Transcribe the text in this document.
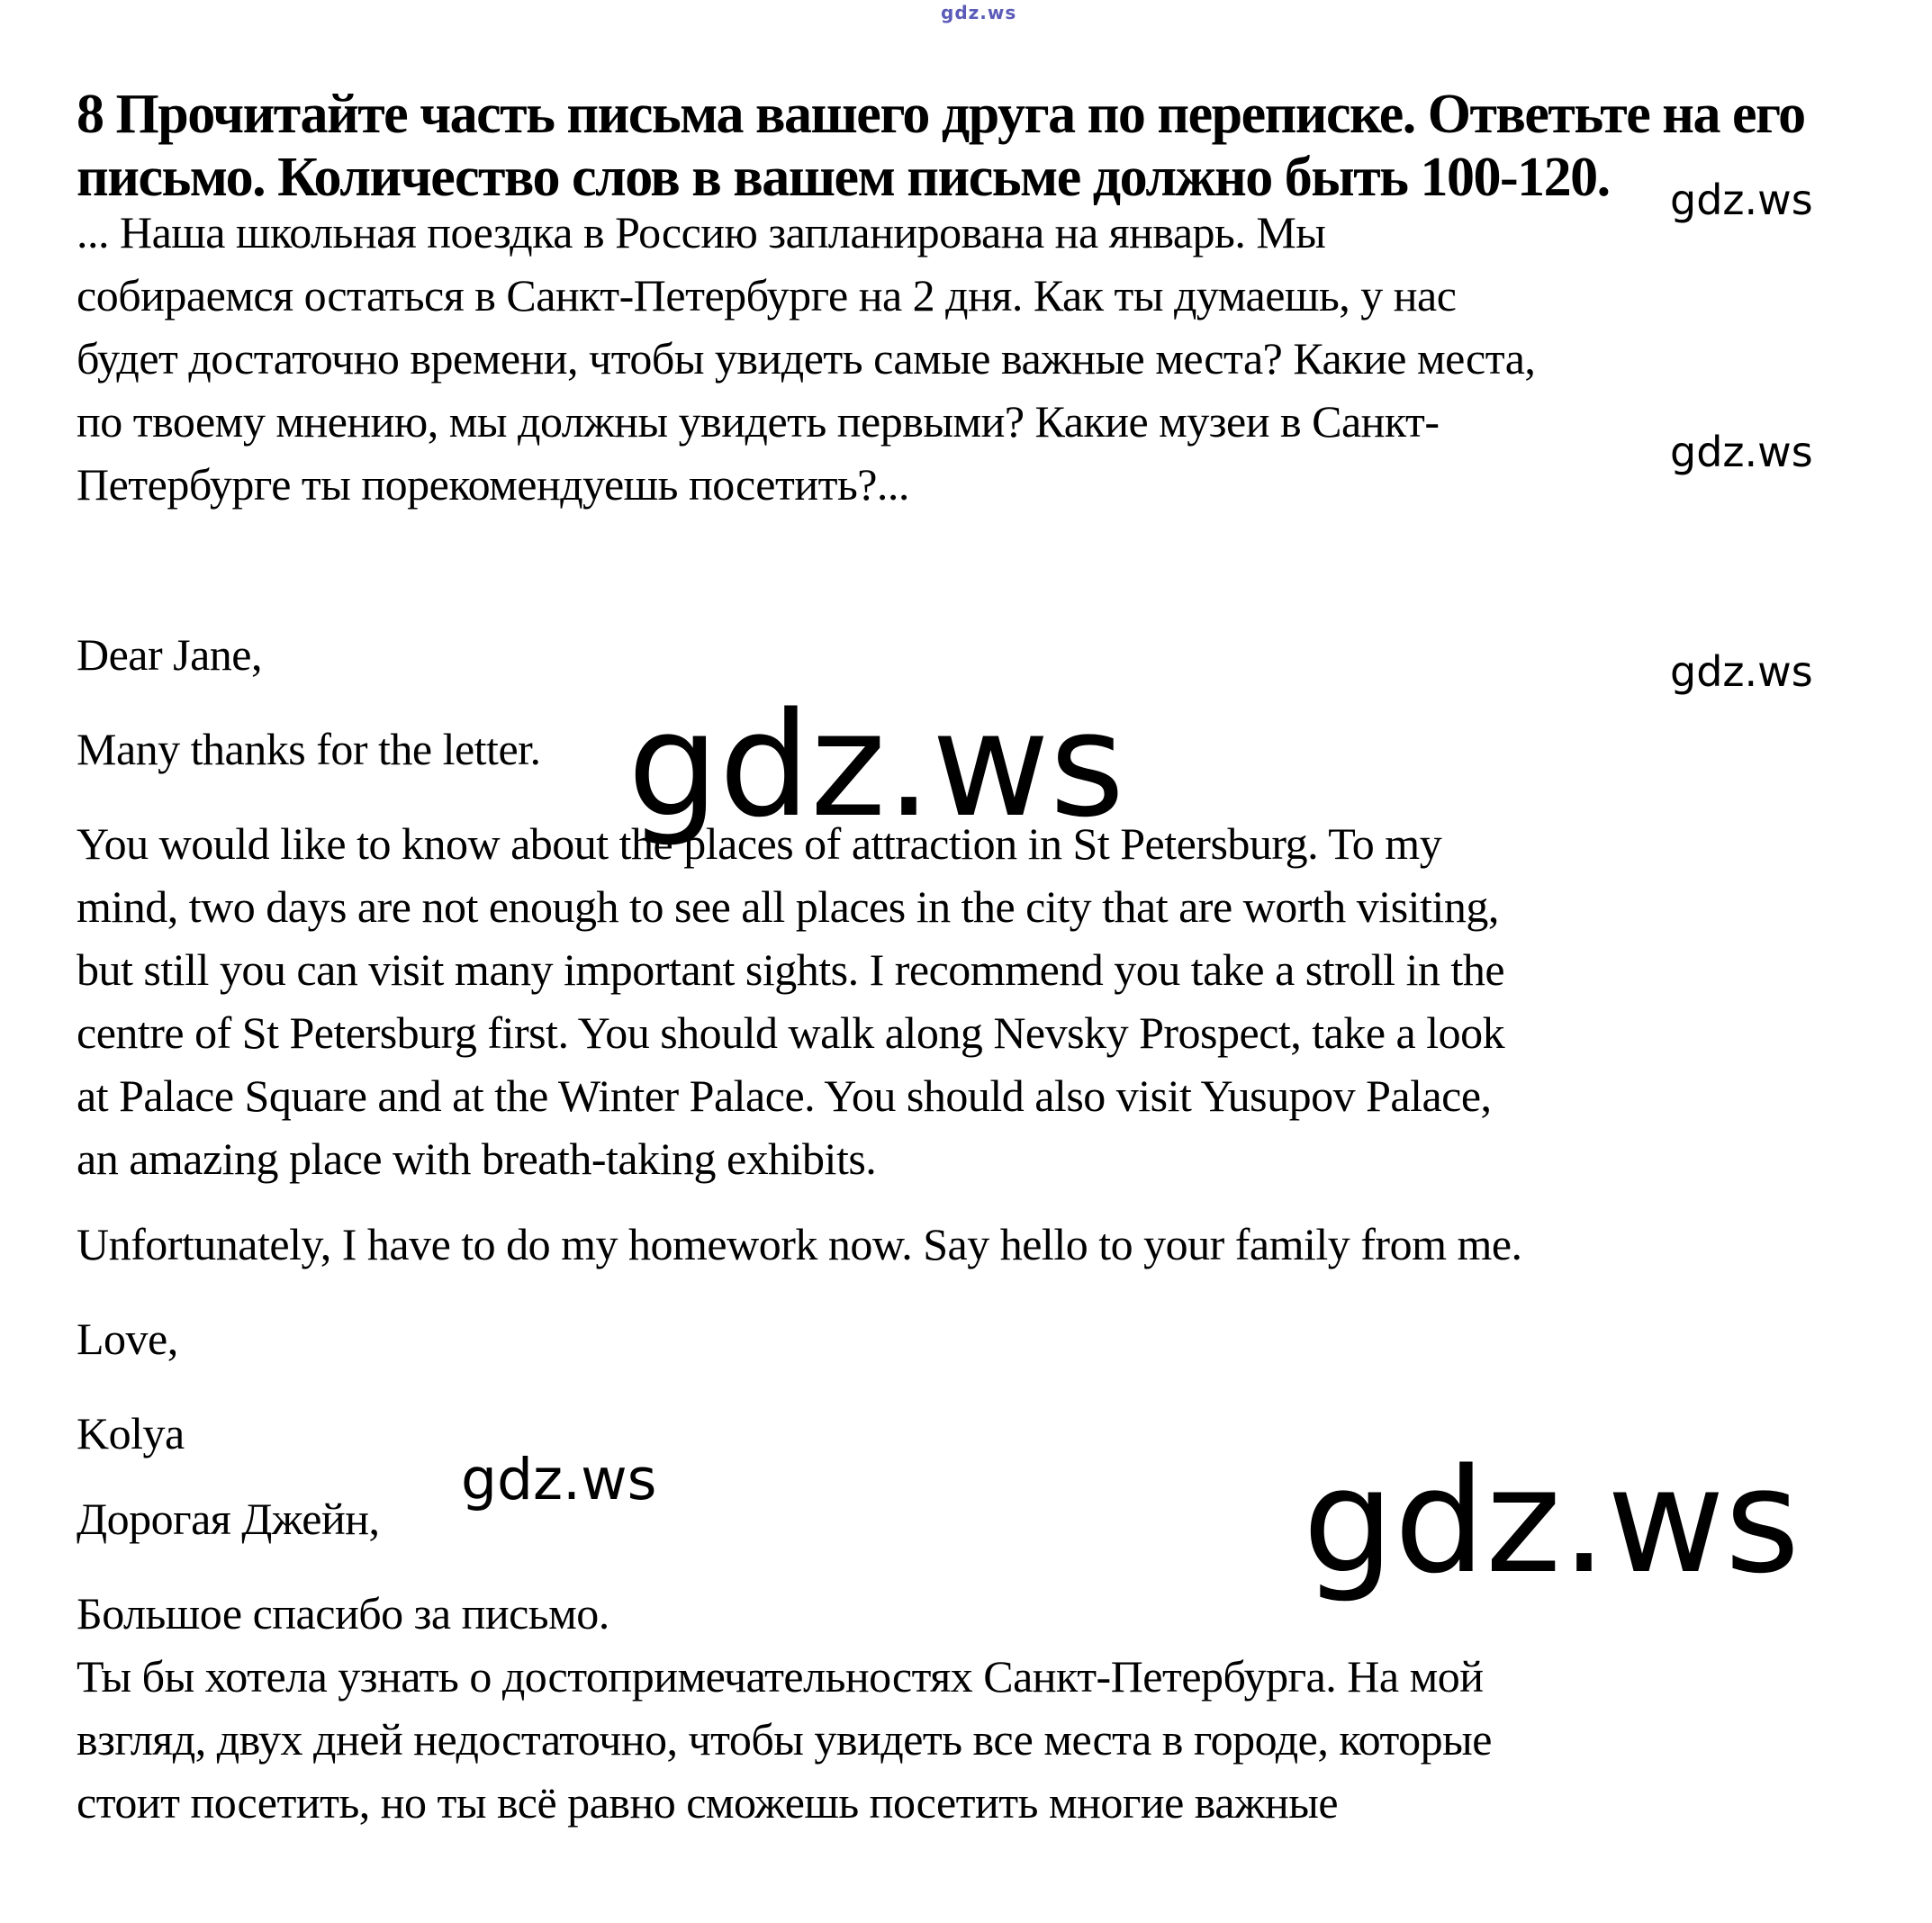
gdz.ws
gdz.ws
gdz.ws
gdz.ws
gdz.ws
gdz.ws	gdz.ws
8 Прочитайте часть письма вашего друга по переписке. Ответьте на его
письмо. Количество слов в вашем письме должно быть 100-120.
... Наша школьная поездка в Россию запланирована на январь. Мы
собираемся остаться в Санкт-Петербурге на 2 дня. Как ты думаешь, у нас
будет достаточно времени, чтобы увидеть самые важные места? Какие места,
по твоему мнению, мы должны увидеть первыми? Какие музеи в Санкт-
Петербурге ты порекомендуешь посетить?...
Dear Jane,
Many thanks for the letter.
You would like to know about the places of attraction in St Petersburg. To my
mind, two days are not enough to see all places in the city that are worth visiting,
but still you can visit many important sights. I recommend you take a stroll in the
centre of St Petersburg first. You should walk along Nevsky Prospect, take a look
at Palace Square and at the Winter Palace. You should also visit Yusupov Palace,
an amazing place with breath-taking exhibits.
Unfortunately, I have to do my homework now. Say hello to your family from me.
Love,
Kolya
Дорогая Джейн,
Большое спасибо за письмо.
Ты бы хотела узнать о достопримечательностях Санкт-Петербурга. На мой
взгляд, двух дней недостаточно, чтобы увидеть все места в городе, которые
стоит посетить, но ты всё равно сможешь посетить многие важные
